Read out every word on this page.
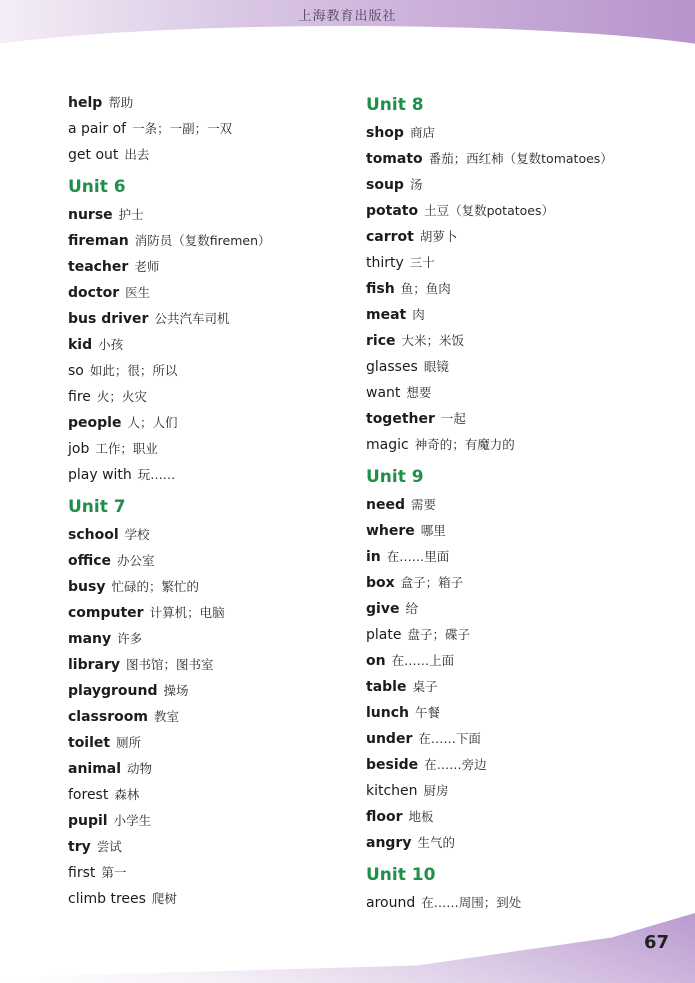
上海教育出版社
help 帮助
a pair of 一条；一副；一双
get out 出去
Unit 6
nurse 护士
fireman 消防员（复数firemen）
teacher 老师
doctor 医生
bus driver 公共汽车司机
kid 小孩
so 如此；很；所以
fire 火；火灾
people 人；人们
job 工作；职业
play with 玩……
Unit 7
school 学校
office 办公室
busy 忙碌的；繁忙的
computer 计算机；电脑
many 许多
library 图书馆；图书室
playground 操场
classroom 教室
toilet 厕所
animal 动物
forest 森林
pupil 小学生
try 尝试
first 第一
climb trees 爬树
Unit 8
shop 商店
tomato 番茄；西红柿（复数tomatoes）
soup 汤
potato 土豆（复数potatoes）
carrot 胡萝卜
thirty 三十
fish 鱼；鱼肉
meat 肉
rice 大米；米饭
glasses 眼镜
want 想要
together 一起
magic 神奇的；有魔力的
Unit 9
need 需要
where 哪里
in 在……里面
box 盒子；箱子
give 给
plate 盘子；碟子
on 在……上面
table 桌子
lunch 午餐
under 在……下面
beside 在……旁边
kitchen 厨房
floor 地板
angry 生气的
Unit 10
around 在……周围；到处
67
